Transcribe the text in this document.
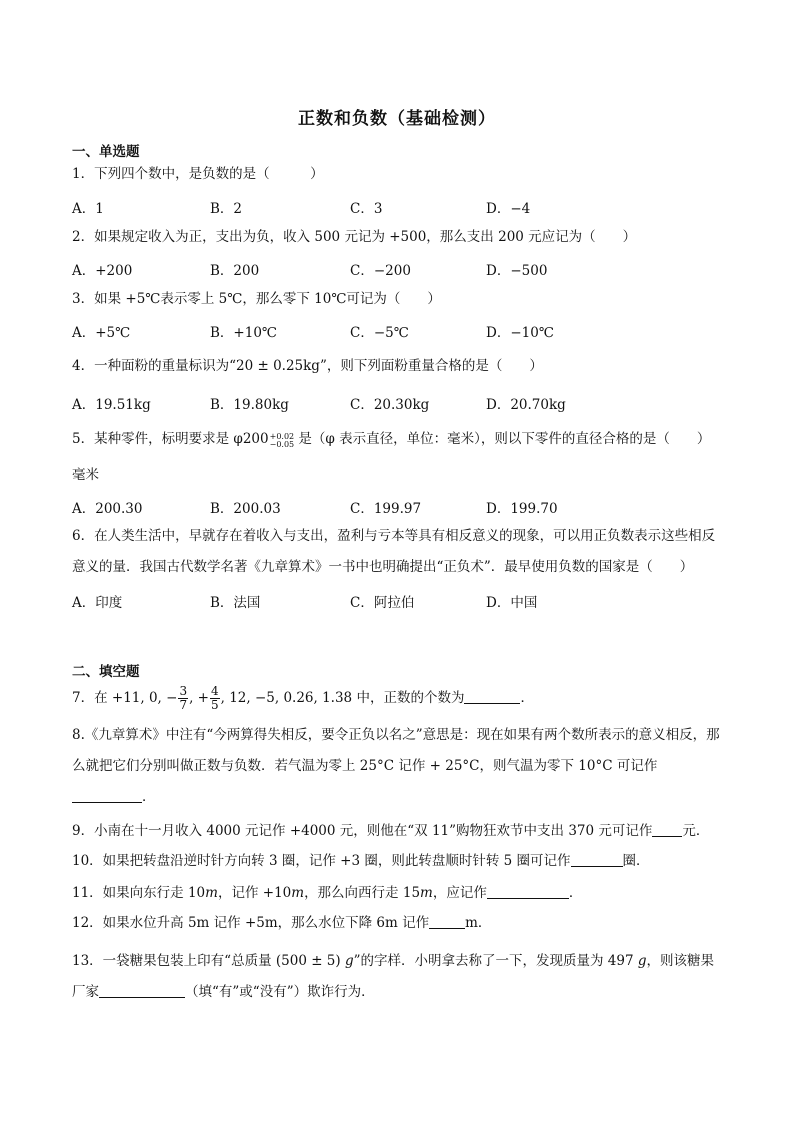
正数和负数（基础检测）
一、单选题
1．下列四个数中，是负数的是（　　　）
A．1	B．2	C．3	D．−4
2．如果规定收入为正，支出为负，收入 500 元记为 +500，那么支出 200 元应记为（　　）
A．+200	B．200	C．−200	D．−500
3．如果 +5℃表示零上 5℃，那么零下 10℃可记为（　　）
A．+5℃	B．+10℃	C．−5℃	D．−10℃
4．一种面粉的重量标识为“20 ± 0.25kg”，则下列面粉重量合格的是（　　）
A．19.51kg	B．19.80kg	C．20.30kg	D．20.70kg
5．某种零件，标明要求是 φ200 +0.02
−0.05 是（φ 表示直径，单位：毫米），则以下零件的直径合格的是（　　）
毫米
A．200.30	B．200.03	C．199.97	D．199.70
6．在人类生活中，早就存在着收入与支出，盈利与亏本等具有相反意义的现象，可以用正负数表示这些相反意义的量．我国古代数学名著《九章算术》一书中也明确提出“正负术”．最早使用负数的国家是（　　）
A．印度	B．法国	C．阿拉伯	D．中国
二、填空题
7．在 +11, 0, − $\frac{3}{7}$ , + $\frac{4}{5}$ , 12, −5, 0.26, 1.38 中，正数的个数为	．
8.《九章算术》中注有“今两算得失相反，要令正负以名之”意思是：现在如果有两个数所表示的意义相反，那么就把它们分别叫做正数与负数．若气温为零上 25°C 记作 + 25°C，则气温为零下 10°C 可记作
．
9．小南在十一月收入 4000 元记作 +4000 元，则他在“双 11”购物狂欢节中支出 370 元可记作 元．
10．如果把转盘沿逆时针方向转 3 圈，记作 +3 圈，则此转盘顺时针转 5 圈可记作	圈．
11．如果向东行走 10m，记作 +10m，那么向西行走 15m，应记作	．
12．如果水位升高 5m 记作 +5m，那么水位下降 6m 记作	m．
13．一袋糖果包装上印有“总质量 (500 ± 5) g”的字样．小明拿去称了一下，发现质量为 497 g，则该糖果厂家	（填“有”或“没有”）欺诈行为．
